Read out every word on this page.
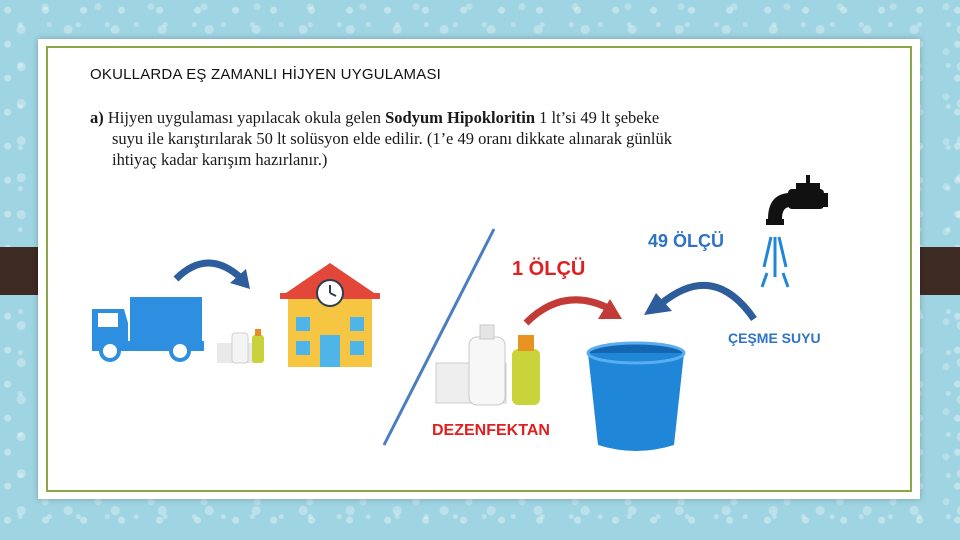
OKULLARDA EŞ ZAMANLI HİJYEN UYGULAMASI
a) Hijyen uygulaması yapılacak okula gelen Sodyum Hipokloritin 1 lt’si 49 lt şebeke
suyu ile karıştırılarak 50 lt solüsyon elde edilir. (1’e 49 oranı dikkate alınarak günlük
ihtiyaç kadar karışım hazırlanır.)
1 ÖLÇÜ
DEZENFEKTAN
49 ÖLÇÜ
ÇEŞME SUYU
